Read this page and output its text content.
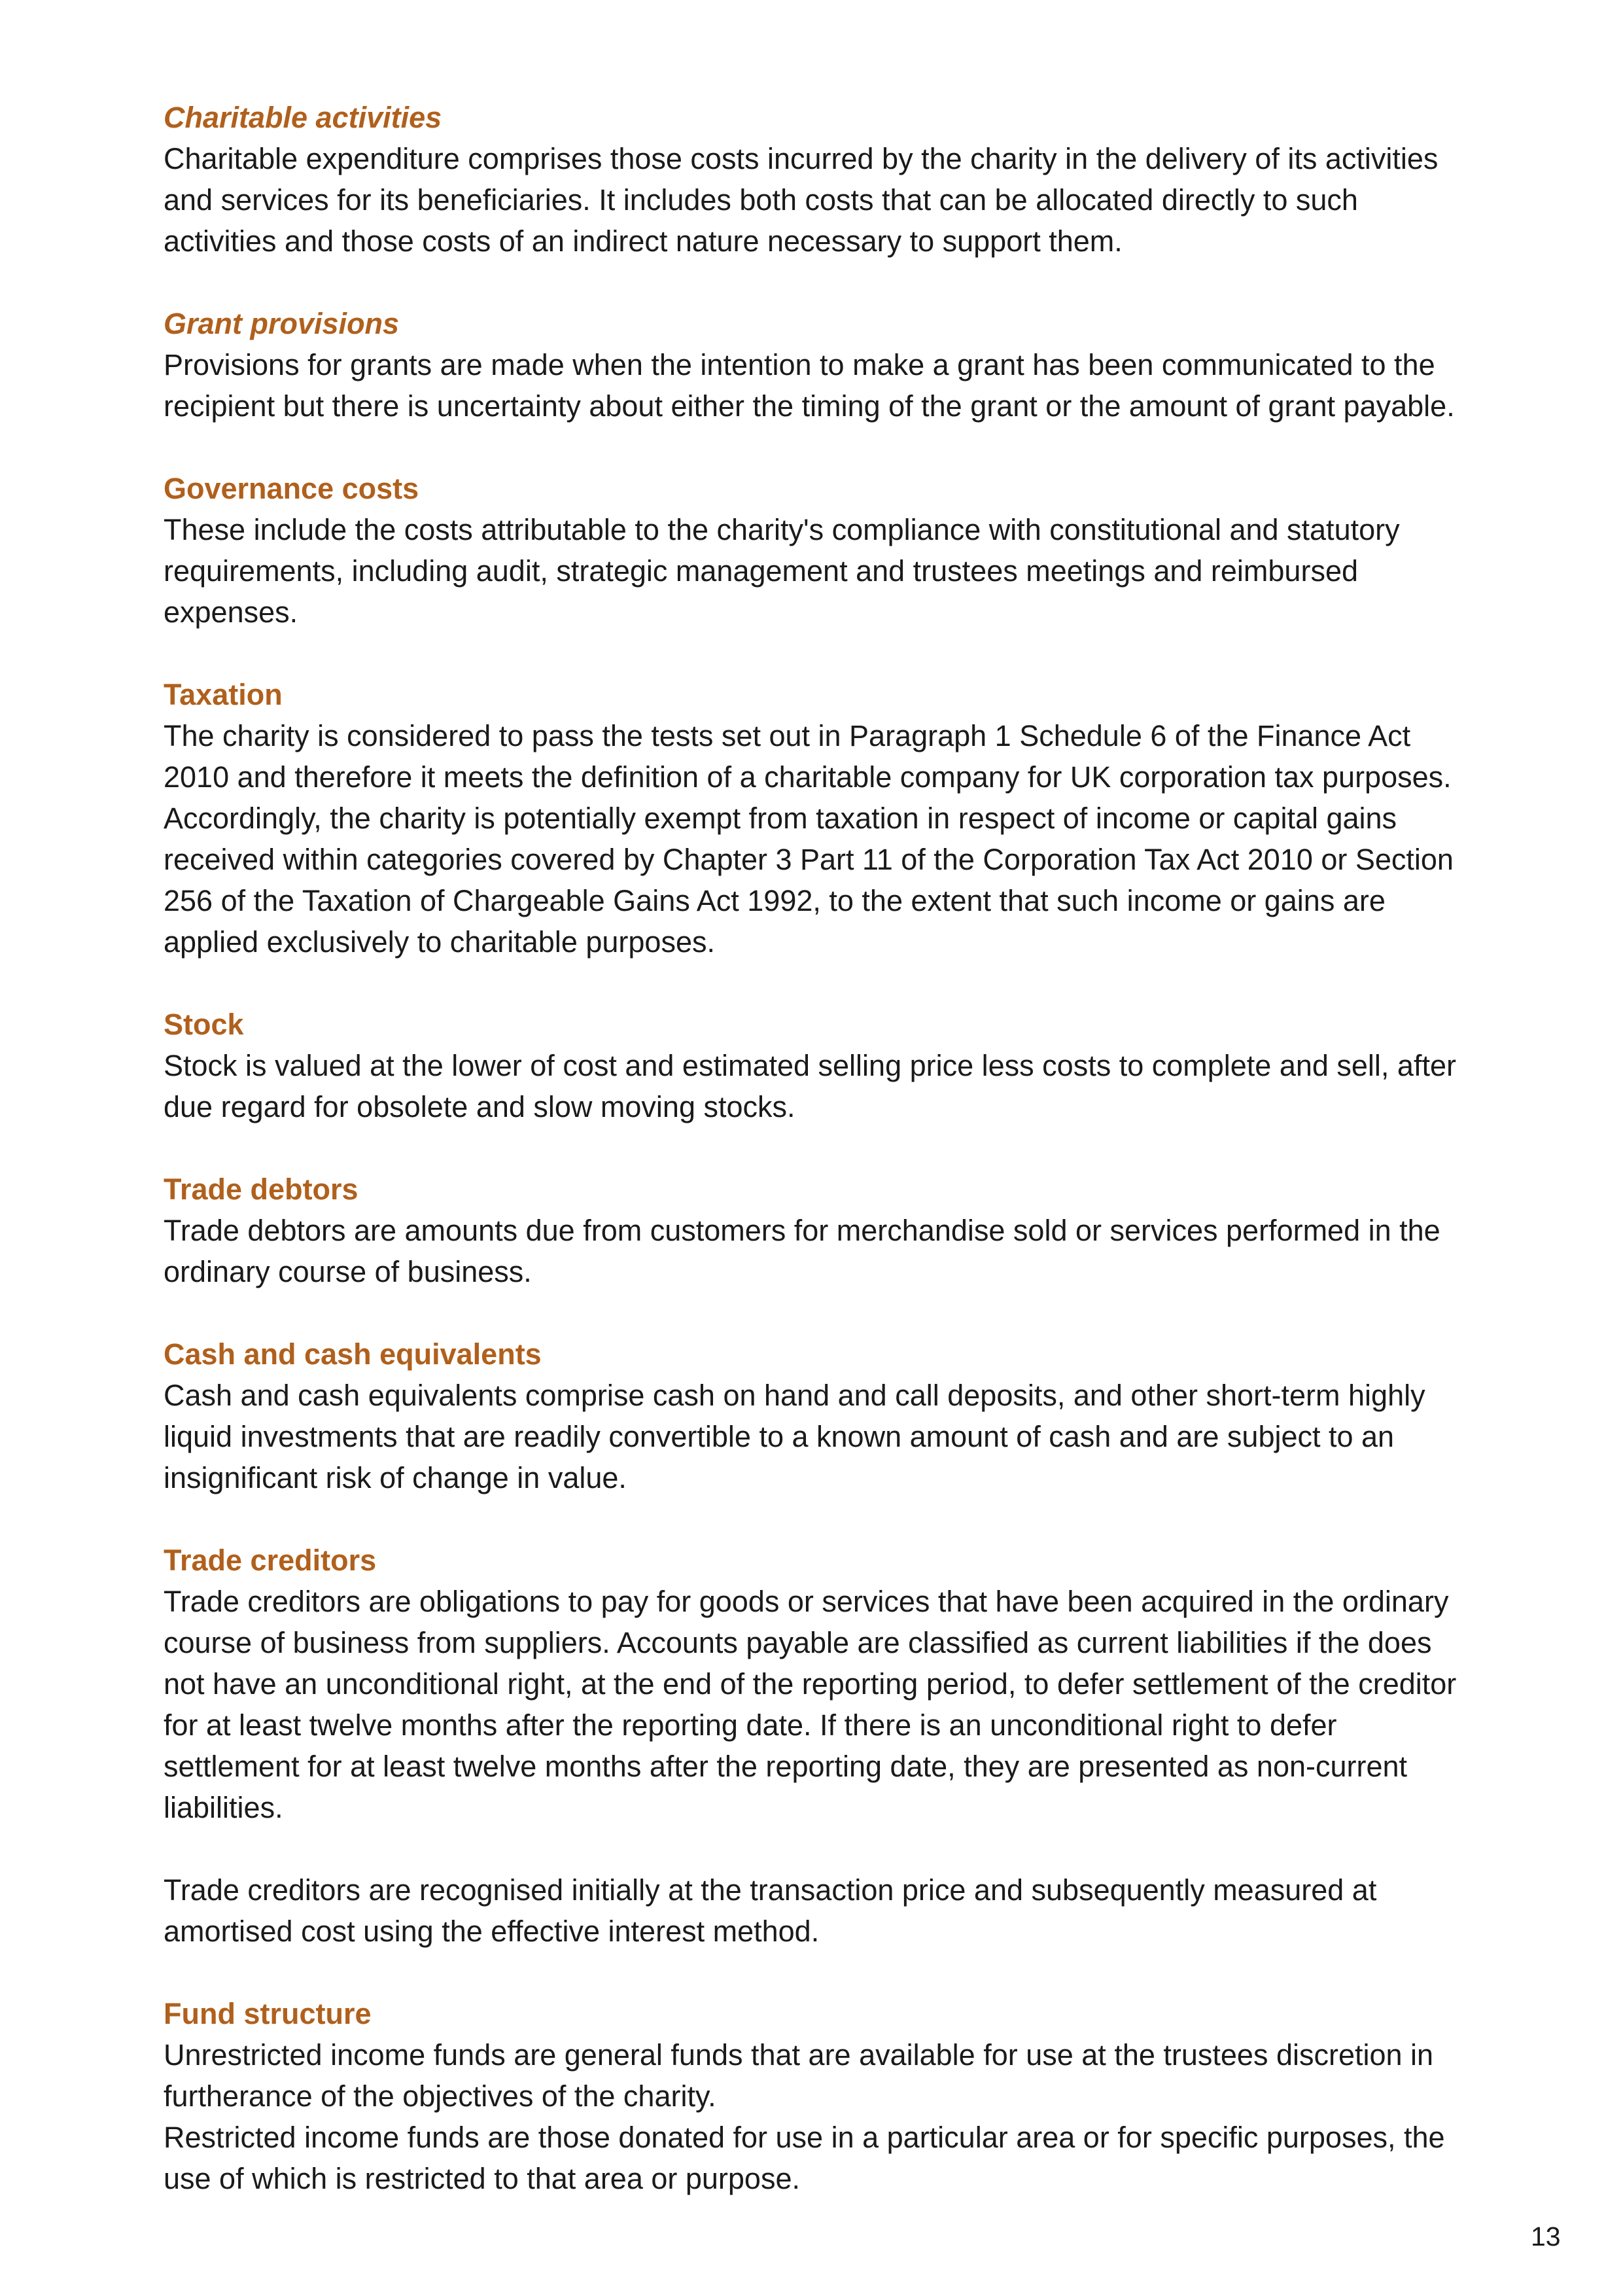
Charitable activities

Charitable expenditure comprises those costs incurred by the charity in the delivery of its activities and services for its beneficiaries. It includes both costs that can be allocated directly to such activities and those costs of an indirect nature necessary to support them.

Grant provisions

Provisions for grants are made when the intention to make a grant has been communicated to the recipient but there is uncertainty about either the timing of the grant or the amount of grant payable.

Governance costs

These include the costs attributable to the charity's compliance with constitutional and statutory requirements, including audit, strategic management and trustees meetings and reimbursed expenses.

Taxation

The charity is considered to pass the tests set out in Paragraph 1 Schedule 6 of the Finance Act 2010 and therefore it meets the definition of a charitable company for UK corporation tax purposes. Accordingly, the charity is potentially exempt from taxation in respect of income or capital gains received within categories covered by Chapter 3 Part 11 of the Corporation Tax Act 2010 or Section 256 of the Taxation of Chargeable Gains Act 1992, to the extent that such income or gains are applied exclusively to charitable purposes.

Stock

Stock is valued at the lower of cost and estimated selling price less costs to complete and sell, after due regard for obsolete and slow moving stocks.

Trade debtors

Trade debtors are amounts due from customers for merchandise sold or services performed in the ordinary course of business.

Cash and cash equivalents

Cash and cash equivalents comprise cash on hand and call deposits, and other short-term highly liquid investments that are readily convertible to a known amount of cash and are subject to an insignificant risk of change in value.

Trade creditors

Trade creditors are obligations to pay for goods or services that have been acquired in the ordinary course of business from suppliers. Accounts payable are classified as current liabilities if the does not have an unconditional right, at the end of the reporting period, to defer settlement of the creditor for at least twelve months after the reporting date. If there is an unconditional right to defer settlement for at least twelve months after the reporting date, they are presented as non-current liabilities.

Trade creditors are recognised initially at the transaction price and subsequently measured at amortised cost using the effective interest method.

Fund structure

Unrestricted income funds are general funds that are available for use at the trustees discretion in furtherance of the objectives of the charity.

Restricted income funds are those donated for use in a particular area or for specific purposes, the use of which is restricted to that area or purpose.

13
